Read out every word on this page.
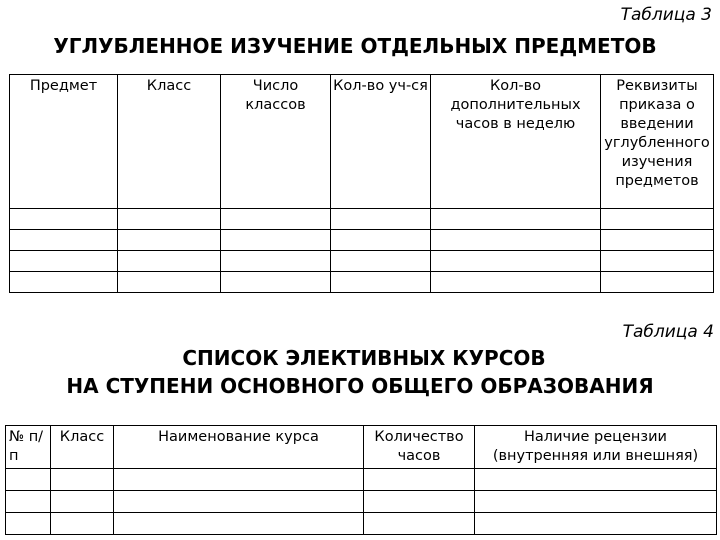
Таблица 3
УГЛУБЛЕННОЕ ИЗУЧЕНИЕ ОТДЕЛЬНЫХ ПРЕДМЕТОВ
Предмет	Класс	Число классов	Кол-во уч-ся	Кол-во дополнительных часов в неделю	Реквизиты приказа о введении углубленного изучения предметов

Таблица 4
СПИСОК ЭЛЕКТИВНЫХ КУРСОВ
НА СТУПЕНИ ОСНОВНОГО ОБЩЕГО ОБРАЗОВАНИЯ
№ п/п	Класс	Наименование курса	Количество часов	Наличие рецензии (внутренняя или внешняя)
